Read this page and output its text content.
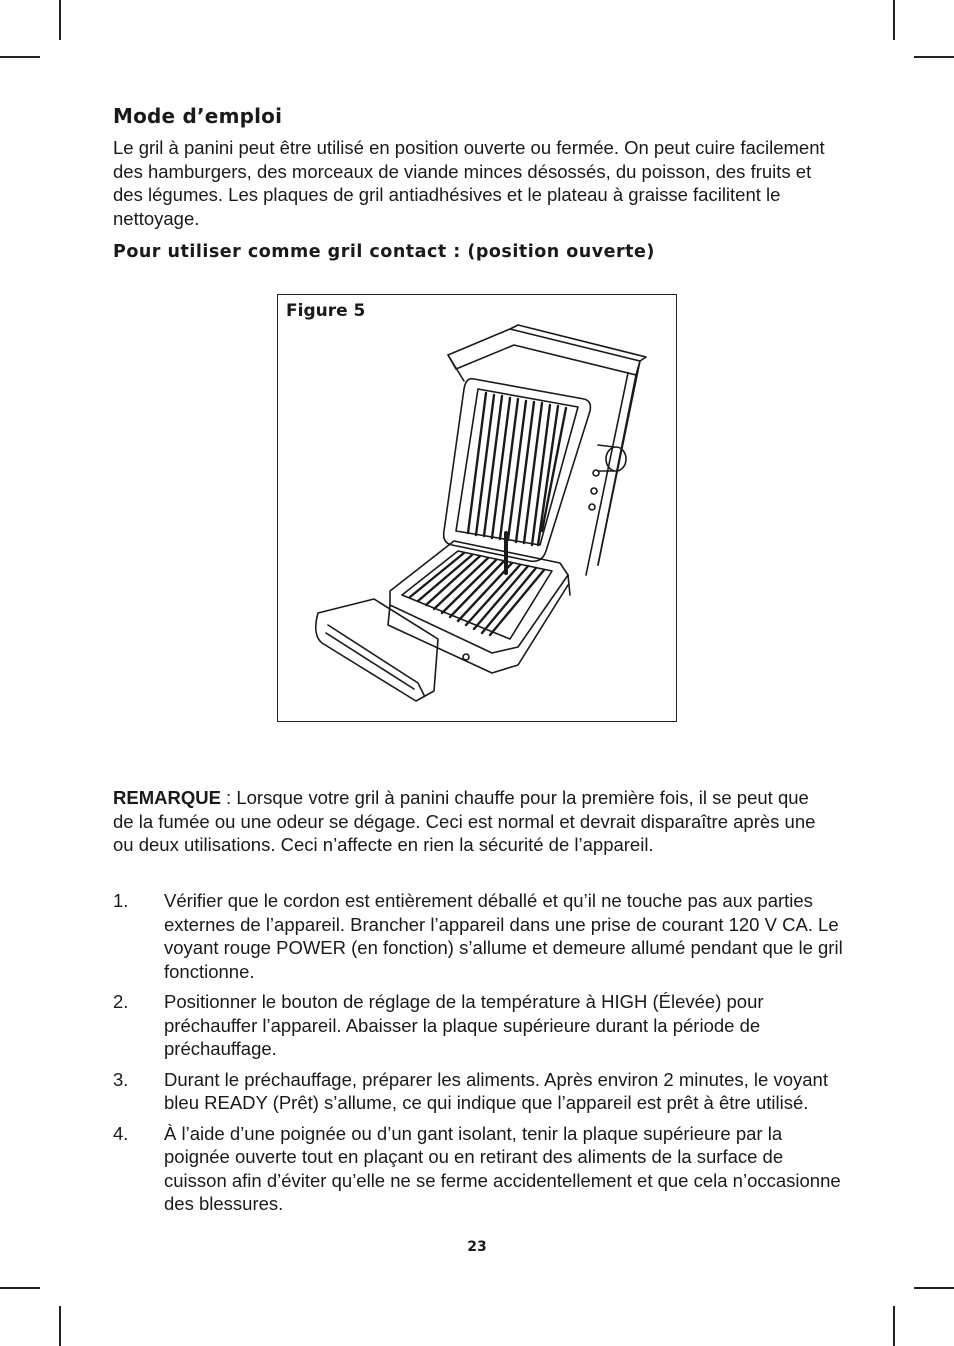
Mode d’emploi

Le gril à panini peut être utilisé en position ouverte ou fermée. On peut cuire facilement des hamburgers, des morceaux de viande minces désossés, du poisson, des fruits et des légumes. Les plaques de gril antiadhésives et le plateau à graisse facilitent le nettoyage.

Pour utiliser comme gril contact : (position ouverte)
Figure 5

REMARQUE : Lorsque votre gril à panini chauffe pour la première fois, il se peut que de la fumée ou une odeur se dégage. Ceci est normal et devrait disparaître après une ou deux utilisations. Ceci n’affecte en rien la sécurité de l’appareil.

1. Vérifier que le cordon est entièrement déballé et qu’il ne touche pas aux parties externes de l’appareil. Brancher l’appareil dans une prise de courant 120 V CA. Le voyant rouge POWER (en fonction) s’allume et demeure allumé pendant que le gril fonctionne.
2. Positionner le bouton de réglage de la température à HIGH (Élevée) pour préchauffer l’appareil. Abaisser la plaque supérieure durant la période de préchauffage.
3. Durant le préchauffage, préparer les aliments. Après environ 2 minutes, le voyant bleu READY (Prêt) s’allume, ce qui indique que l’appareil est prêt à être utilisé.
4. À l’aide d’une poignée ou d’un gant isolant, tenir la plaque supérieure par la poignée ouverte tout en plaçant ou en retirant des aliments de la surface de cuisson afin d’éviter qu’elle ne se ferme accidentellement et que cela n’occasionne des blessures.
23
